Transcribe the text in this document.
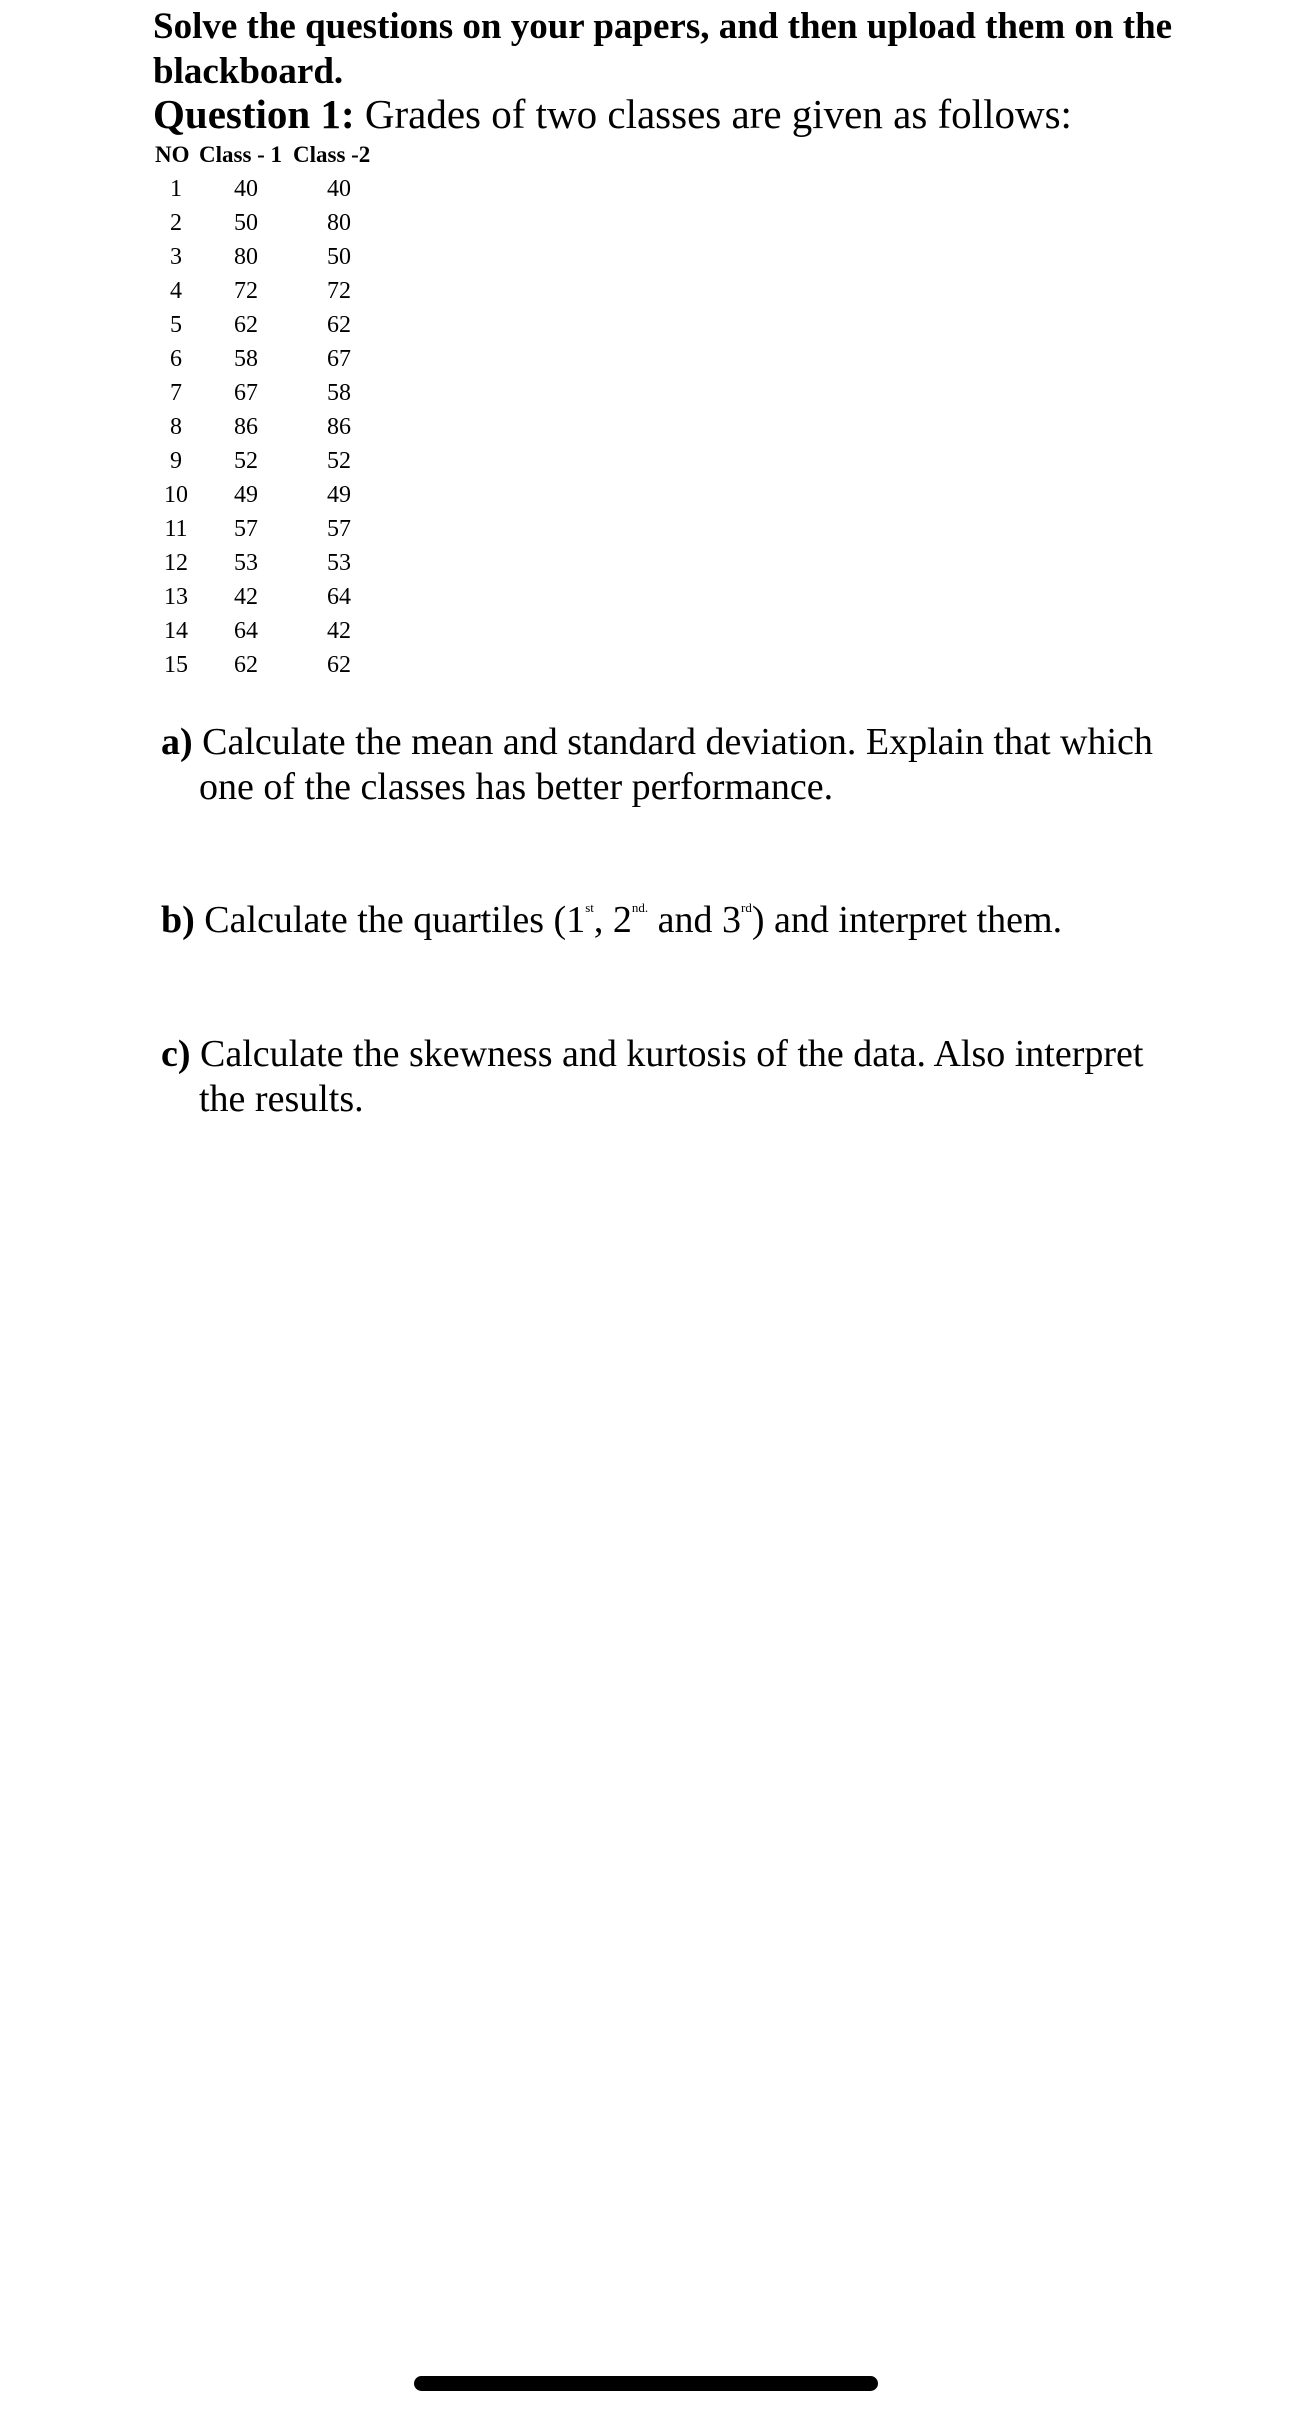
Solve the questions on your papers, and then upload them on the blackboard.

Question 1: Grades of two classes are given as follows:

NO	Class - 1	Class -2
1	40	40
2	50	80
3	80	50
4	72	72
5	62	62
6	58	67
7	67	58
8	86	86
9	52	52
10	49	49
11	57	57
12	53	53
13	42	64
14	64	42
15	62	62

a) Calculate the mean and standard deviation. Explain that which one of the classes has better performance.

b) Calculate the quartiles (1st, $2^{nd.}$ and 3rd) and interpret them.

c) Calculate the skewness and kurtosis of the data. Also interpret the results.
